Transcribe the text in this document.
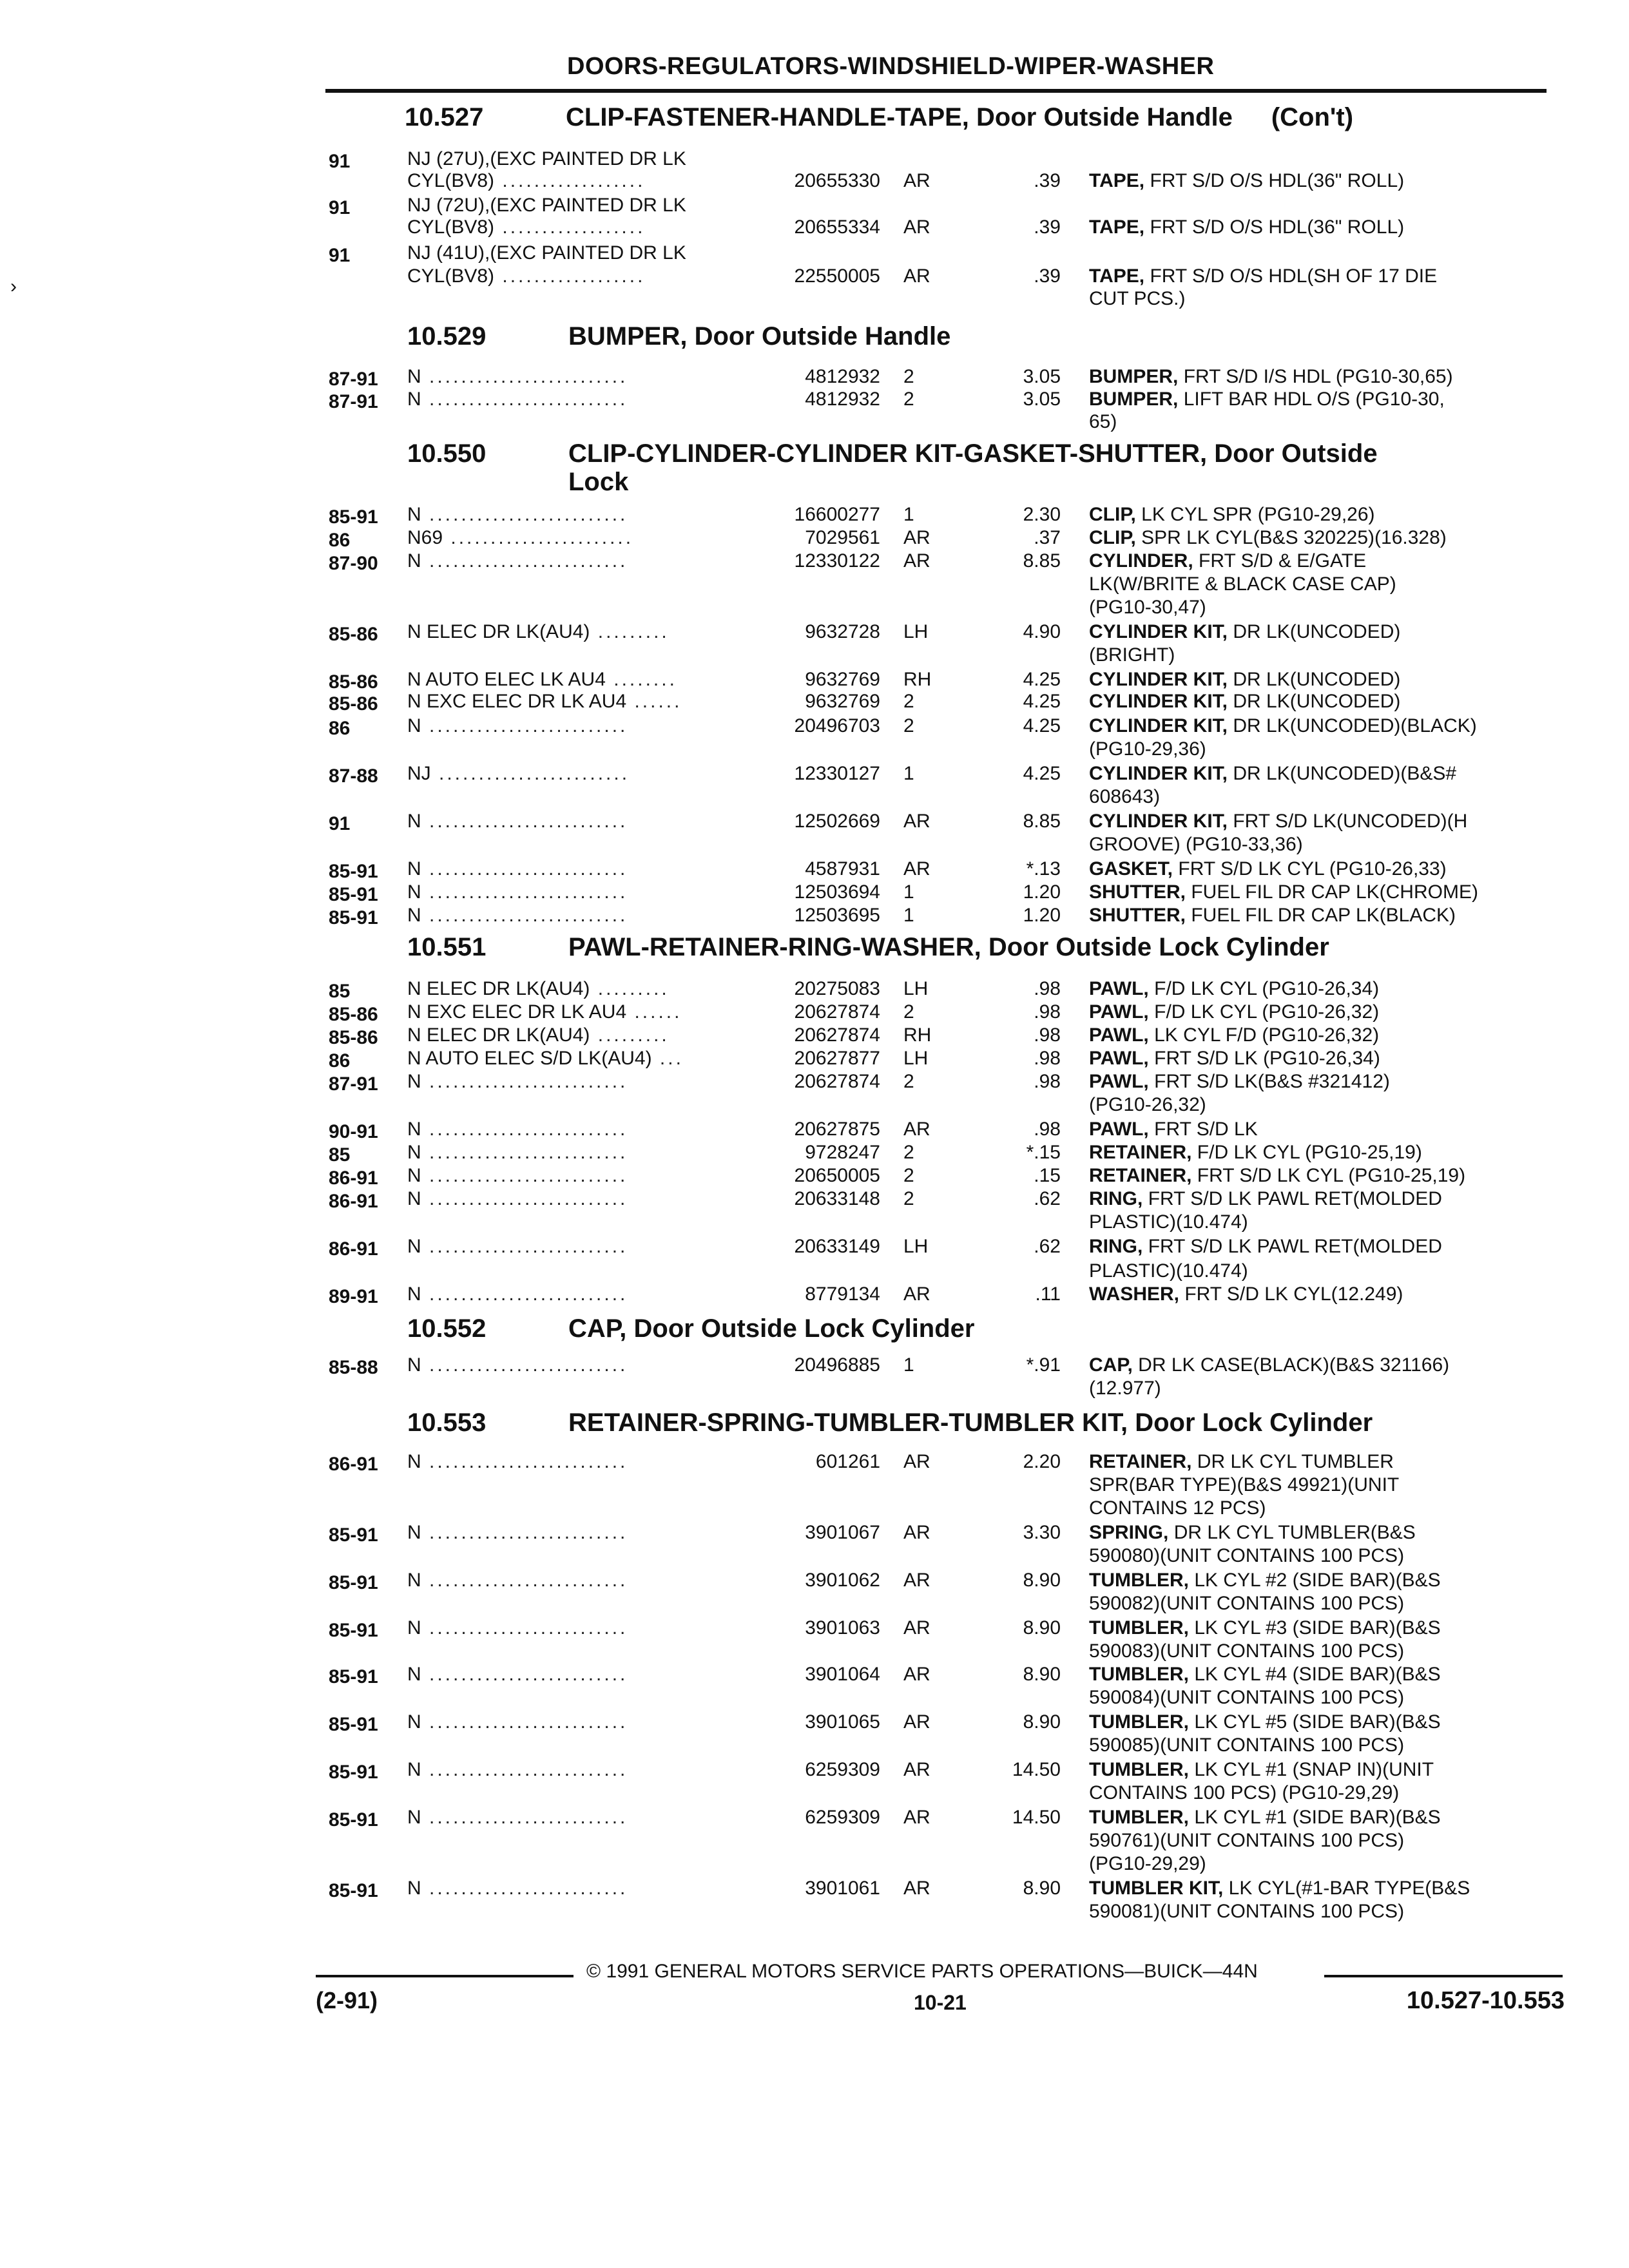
DOORS-REGULATORS-WINDSHIELD-WIPER-WASHER
›
10.527	CLIP-FASTENER-HANDLE-TAPE, Door Outside Handle (Con't)
10.529	BUMPER, Door Outside Handle
10.550	CLIP-CYLINDER-CYLINDER KIT-GASKET-SHUTTER, Door Outside
Lock
10.551	PAWL-RETAINER-RING-WASHER, Door Outside Lock Cylinder
10.552	CAP, Door Outside Lock Cylinder
10.553	RETAINER-SPRING-TUMBLER-TUMBLER KIT, Door Lock Cylinder
91	NJ (27U),(EXC PAINTED DR LK
CYL(BV8) ..................	20655330 AR	.39 TAPE, FRT S/D O/S HDL(36" ROLL)
91	NJ (72U),(EXC PAINTED DR LK
CYL(BV8) ..................	20655334 AR	.39 TAPE, FRT S/D O/S HDL(36" ROLL)
91	NJ (41U),(EXC PAINTED DR LK
CYL(BV8) ..................	22550005 AR	.39 TAPE, FRT S/D O/S HDL(SH OF 17 DIE
CUT PCS.)
87-91 N .........................	4812932 2	3.05 BUMPER, FRT S/D I/S HDL (PG10-30,65)
87-91 N .........................	4812932 2	3.05 BUMPER, LIFT BAR HDL O/S (PG10-30,
65)
85-91 N .........................	16600277 1	2.30 CLIP, LK CYL SPR (PG10-29,26)
86	N69 .......................	7029561 AR	.37 CLIP, SPR LK CYL(B&S 320225)(16.328)
87-90 N .........................	12330122 AR	8.85 CYLINDER, FRT S/D & E/GATE
LK(W/BRITE & BLACK CASE CAP)
(PG10-30,47)
85-86 N ELEC DR LK(AU4) .........	9632728 LH	4.90 CYLINDER KIT, DR LK(UNCODED)
(BRIGHT)
85-86 N AUTO ELEC LK AU4 ........	9632769 RH	4.25 CYLINDER KIT, DR LK(UNCODED)
85-86 N EXC ELEC DR LK AU4 ......	9632769 2	4.25 CYLINDER KIT, DR LK(UNCODED)
86	N .........................	20496703 2	4.25 CYLINDER KIT, DR LK(UNCODED)(BLACK)
(PG10-29,36)
87-88 NJ ........................	12330127 1	4.25 CYLINDER KIT, DR LK(UNCODED)(B&S#
608643)
91	N .........................	12502669 AR	8.85 CYLINDER KIT, FRT S/D LK(UNCODED)(H
GROOVE) (PG10-33,36)
85-91 N .........................	4587931 AR	*.13 GASKET, FRT S/D LK CYL (PG10-26,33)
85-91 N .........................	12503694 1	1.20 SHUTTER, FUEL FIL DR CAP LK(CHROME)
85-91 N .........................	12503695 1	1.20 SHUTTER, FUEL FIL DR CAP LK(BLACK)
85	N ELEC DR LK(AU4) .........	20275083 LH	.98 PAWL, F/D LK CYL (PG10-26,34)
85-86 N EXC ELEC DR LK AU4 ......	20627874 2	.98 PAWL, F/D LK CYL (PG10-26,32)
85-86 N ELEC DR LK(AU4) .........	20627874 RH	.98 PAWL, LK CYL F/D (PG10-26,32)
86	N AUTO ELEC S/D LK(AU4) ...	20627877 LH	.98 PAWL, FRT S/D LK (PG10-26,34)
87-91 N .........................	20627874 2	.98 PAWL, FRT S/D LK(B&S #321412)
(PG10-26,32)
90-91 N .........................	20627875 AR	.98 PAWL, FRT S/D LK
85	N .........................	9728247 2	*.15 RETAINER, F/D LK CYL (PG10-25,19)
86-91 N .........................	20650005 2	.15 RETAINER, FRT S/D LK CYL (PG10-25,19)
86-91 N .........................	20633148 2	.62 RING, FRT S/D LK PAWL RET(MOLDED
PLASTIC)(10.474)
86-91 N .........................	20633149 LH	.62 RING, FRT S/D LK PAWL RET(MOLDED
PLASTIC)(10.474)
89-91 N .........................	8779134 AR	.11 WASHER, FRT S/D LK CYL(12.249)
85-88 N .........................	20496885 1	*.91 CAP, DR LK CASE(BLACK)(B&S 321166)
(12.977)
86-91 N .........................	601261 AR	2.20 RETAINER, DR LK CYL TUMBLER
SPR(BAR TYPE)(B&S 49921)(UNIT
CONTAINS 12 PCS)
85-91 N .........................	3901067 AR	3.30 SPRING, DR LK CYL TUMBLER(B&S
590080)(UNIT CONTAINS 100 PCS)
85-91 N .........................	3901062 AR	8.90 TUMBLER, LK CYL #2 (SIDE BAR)(B&S
590082)(UNIT CONTAINS 100 PCS)
85-91 N .........................	3901063 AR	8.90 TUMBLER, LK CYL #3 (SIDE BAR)(B&S
590083)(UNIT CONTAINS 100 PCS)
85-91 N .........................	3901064 AR	8.90 TUMBLER, LK CYL #4 (SIDE BAR)(B&S
590084)(UNIT CONTAINS 100 PCS)
85-91 N .........................	3901065 AR	8.90 TUMBLER, LK CYL #5 (SIDE BAR)(B&S
590085)(UNIT CONTAINS 100 PCS)
85-91 N .........................	6259309 AR	14.50 TUMBLER, LK CYL #1 (SNAP IN)(UNIT
CONTAINS 100 PCS) (PG10-29,29)
85-91 N .........................	6259309 AR	14.50 TUMBLER, LK CYL #1 (SIDE BAR)(B&S
590761)(UNIT CONTAINS 100 PCS)
(PG10-29,29)
85-91 N .........................	3901061 AR	8.90 TUMBLER KIT, LK CYL(#1-BAR TYPE(B&S
590081)(UNIT CONTAINS 100 PCS)
© 1991 GENERAL MOTORS SERVICE PARTS OPERATIONS—BUICK—44N
(2-91)	10-21	10.527-10.553
